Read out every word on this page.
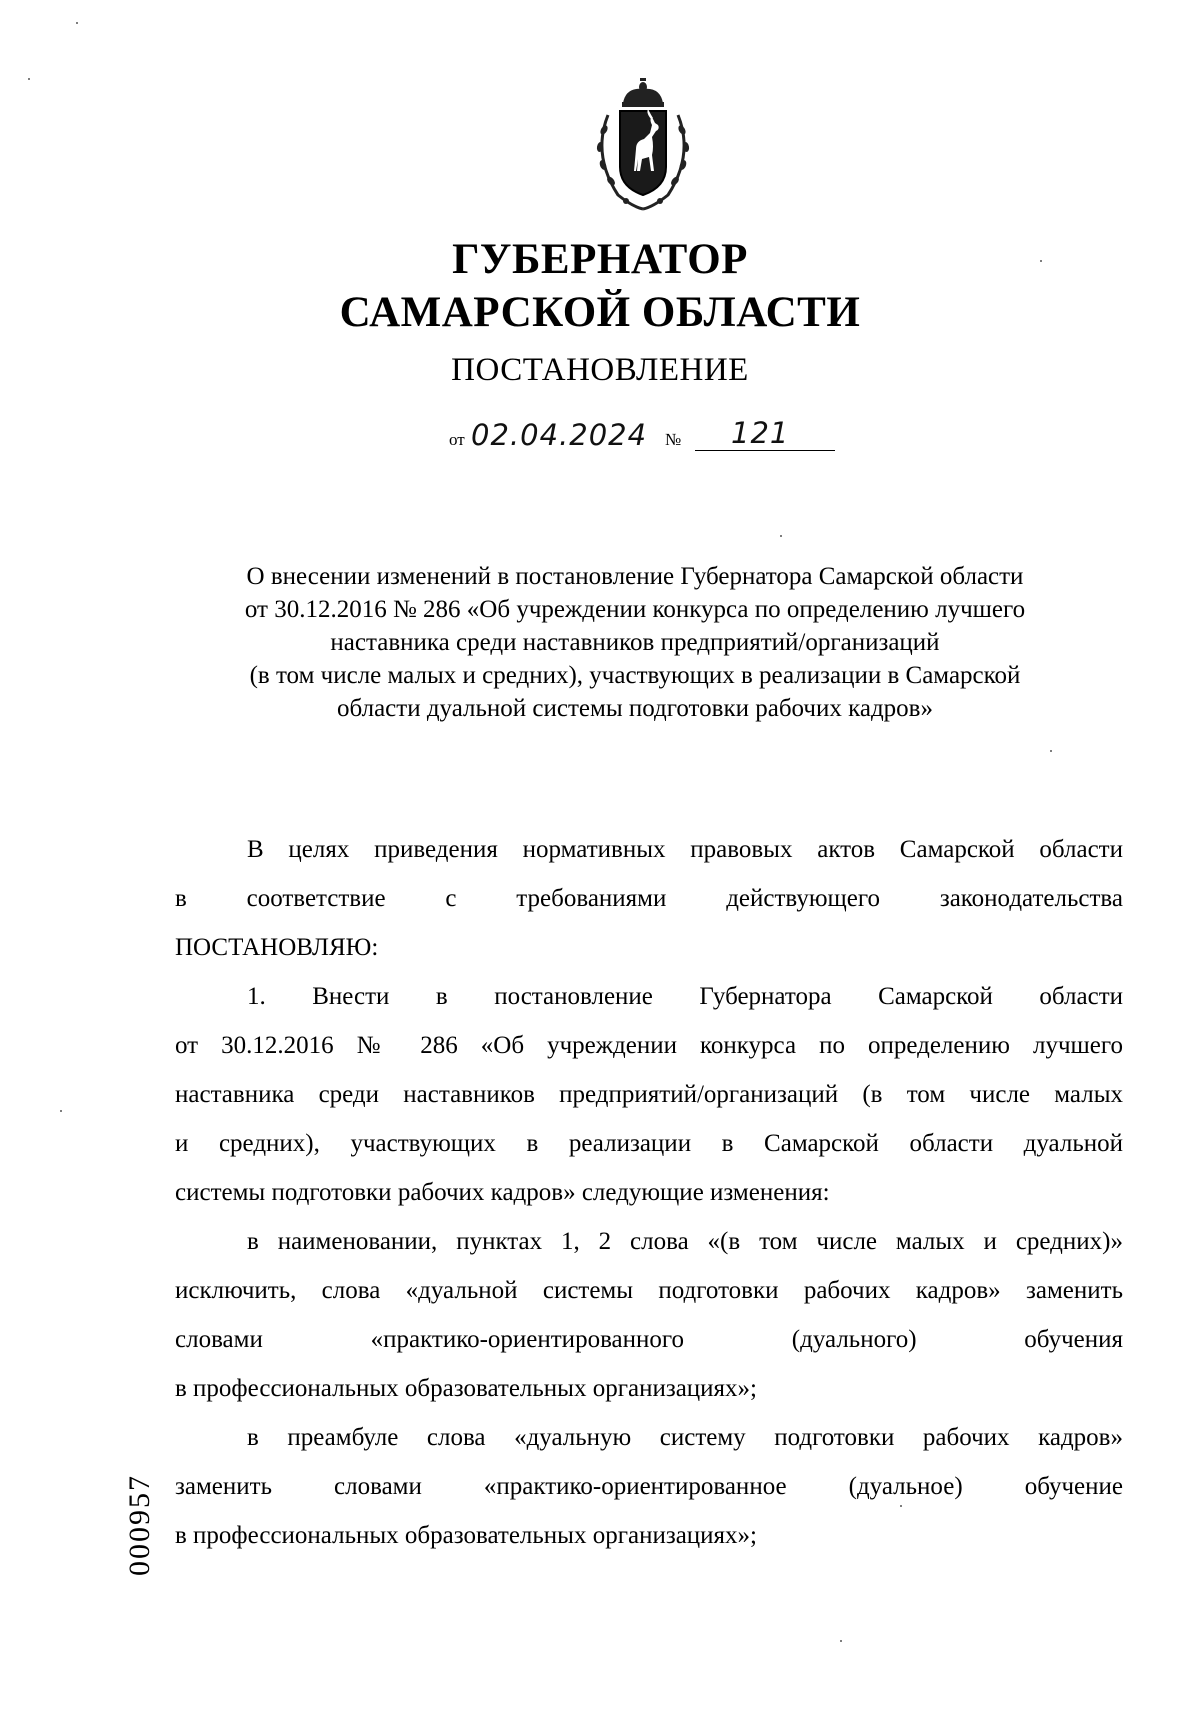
ГУБЕРНАТОР
САМАРСКОЙ ОБЛАСТИ
ПОСТАНОВЛЕНИЕ
от 02.04.2024 № 121
О внесении изменений в постановление Губернатора Самарской области
от 30.12.2016 № 286 «Об учреждении конкурса по определению лучшего
наставника среди наставников предприятий/организаций
(в том числе малых и средних), участвующих в реализации в Самарской
области дуальной системы подготовки рабочих кадров»
В целях приведения нормативных правовых актов Самарской области
в соответствие с требованиями действующего законодательства
ПОСТАНОВЛЯЮ:
1. Внести в постановление Губернатора Самарской области
от 30.12.2016 № 286 «Об учреждении конкурса по определению лучшего
наставника среди наставников предприятий/организаций (в том числе малых
и средних), участвующих в реализации в Самарской области дуальной
системы подготовки рабочих кадров» следующие изменения:
в наименовании, пунктах 1, 2 слова «(в том числе малых и средних)»
исключить, слова «дуальной системы подготовки рабочих кадров» заменить
словами «практико-ориентированного (дуального) обучения
в профессиональных образовательных организациях»;
в преамбуле слова «дуальную систему подготовки рабочих кадров»
заменить словами «практико-ориентированное (дуальное) обучение
в профессиональных образовательных организациях»;
000957
